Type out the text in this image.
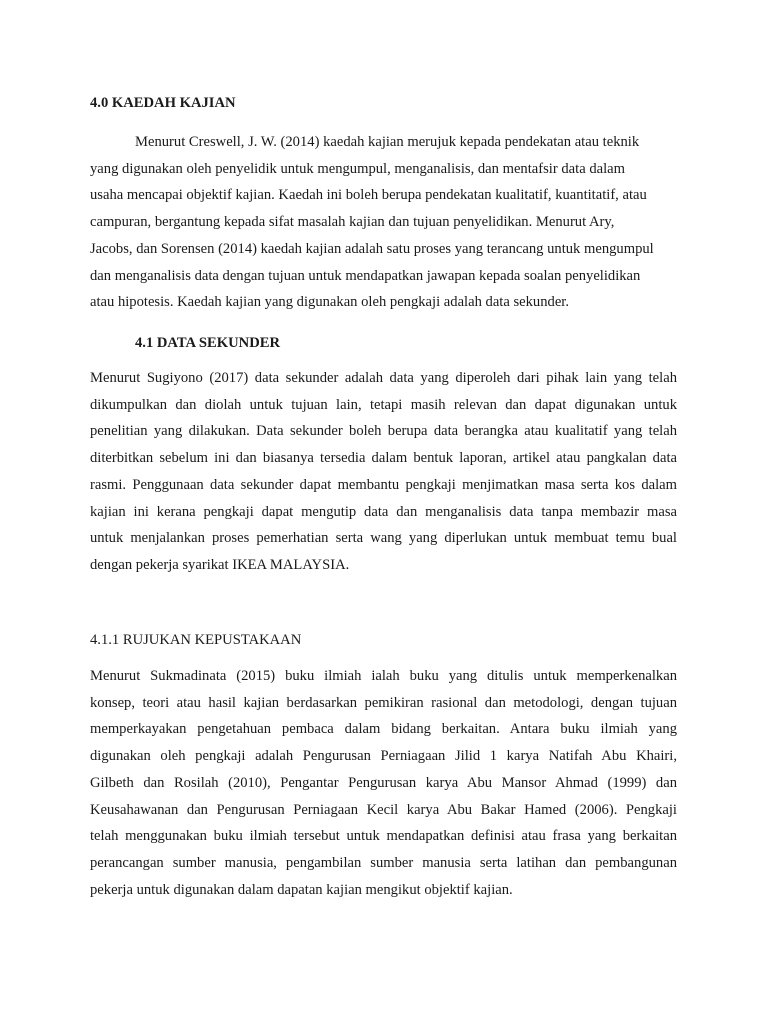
4.0 KAEDAH KAJIAN
Menurut Creswell, J. W. (2014) kaedah kajian merujuk kepada pendekatan atau teknik
yang digunakan oleh penyelidik untuk mengumpul, menganalisis, dan mentafsir data dalam
usaha mencapai objektif kajian. Kaedah ini boleh berupa pendekatan kualitatif, kuantitatif, atau
campuran, bergantung kepada sifat masalah kajian dan tujuan penyelidikan. Menurut Ary,
Jacobs, dan Sorensen (2014) kaedah kajian adalah satu proses yang terancang untuk mengumpul
dan menganalisis data dengan tujuan untuk mendapatkan jawapan kepada soalan penyelidikan
atau hipotesis. Kaedah kajian yang digunakan oleh pengkaji adalah data sekunder.
4.1 DATA SEKUNDER
Menurut Sugiyono (2017) data sekunder adalah data yang diperoleh dari pihak lain yang telah
dikumpulkan dan diolah untuk tujuan lain, tetapi masih relevan dan dapat digunakan untuk
penelitian yang dilakukan. Data sekunder boleh berupa data berangka atau kualitatif yang telah
diterbitkan sebelum ini dan biasanya tersedia dalam bentuk laporan, artikel atau pangkalan data
rasmi. Penggunaan data sekunder dapat membantu pengkaji menjimatkan masa serta kos dalam
kajian ini kerana pengkaji dapat mengutip data dan menganalisis data tanpa membazir masa
untuk menjalankan proses pemerhatian serta wang yang diperlukan untuk membuat temu bual
dengan pekerja syarikat IKEA MALAYSIA.
4.1.1 RUJUKAN KEPUSTAKAAN
Menurut Sukmadinata (2015) buku ilmiah ialah buku yang ditulis untuk memperkenalkan
konsep, teori atau hasil kajian berdasarkan pemikiran rasional dan metodologi, dengan tujuan
memperkayakan pengetahuan pembaca dalam bidang berkaitan. Antara buku ilmiah yang
digunakan oleh pengkaji adalah Pengurusan Perniagaan Jilid 1 karya Natifah Abu Khairi,
Gilbeth dan Rosilah (2010), Pengantar Pengurusan karya Abu Mansor Ahmad (1999) dan
Keusahawanan dan Pengurusan Perniagaan Kecil karya Abu Bakar Hamed (2006). Pengkaji
telah menggunakan buku ilmiah tersebut untuk mendapatkan definisi atau frasa yang berkaitan
perancangan sumber manusia, pengambilan sumber manusia serta latihan dan pembangunan
pekerja untuk digunakan dalam dapatan kajian mengikut objektif kajian.
